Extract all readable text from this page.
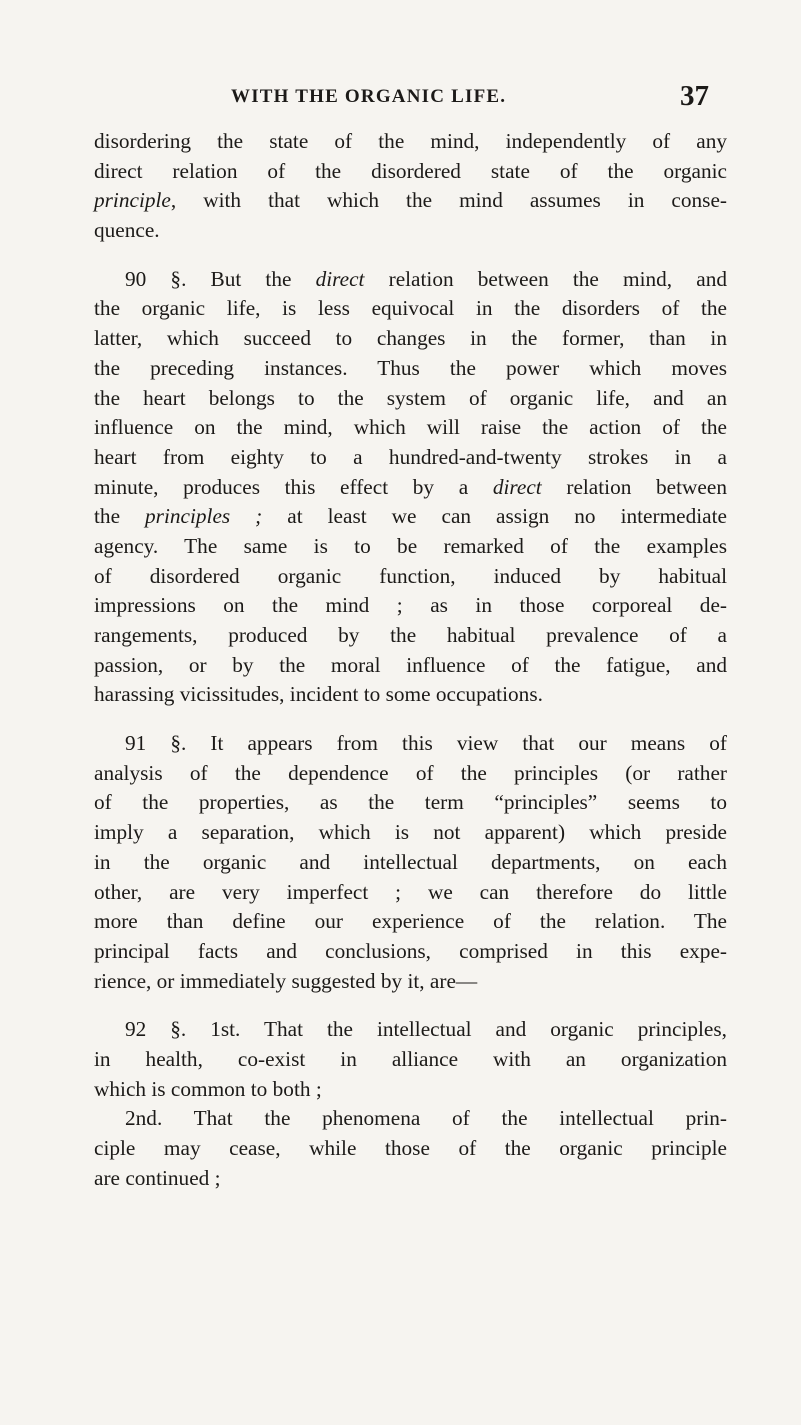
WITH THE ORGANIC LIFE.	37
disordering the state of the mind, independently of any
direct relation of the disordered state of the organic
principle, with that which the mind assumes in conse-
quence.
90 §. But the direct relation between the mind, and
the organic life, is less equivocal in the disorders of the
latter, which succeed to changes in the former, than in
the preceding instances. Thus the power which moves
the heart belongs to the system of organic life, and an
influence on the mind, which will raise the action of the
heart from eighty to a hundred-and-twenty strokes in a
minute, produces this effect by a direct relation between
the principles ; at least we can assign no intermediate
agency. The same is to be remarked of the examples
of disordered organic function, induced by habitual
impressions on the mind ; as in those corporeal de-
rangements, produced by the habitual prevalence of a
passion, or by the moral influence of the fatigue, and
harassing vicissitudes, incident to some occupations.
91 §. It appears from this view that our means of
analysis of the dependence of the principles (or rather
of the properties, as the term “principles” seems to
imply a separation, which is not apparent) which preside
in the organic and intellectual departments, on each
other, are very imperfect ; we can therefore do little
more than define our experience of the relation. The
principal facts and conclusions, comprised in this expe-
rience, or immediately suggested by it, are—
92 §. 1st. That the intellectual and organic principles,
in health, co-exist in alliance with an organization
which is common to both ;
2nd. That the phenomena of the intellectual prin-
ciple may cease, while those of the organic principle
are continued ;
